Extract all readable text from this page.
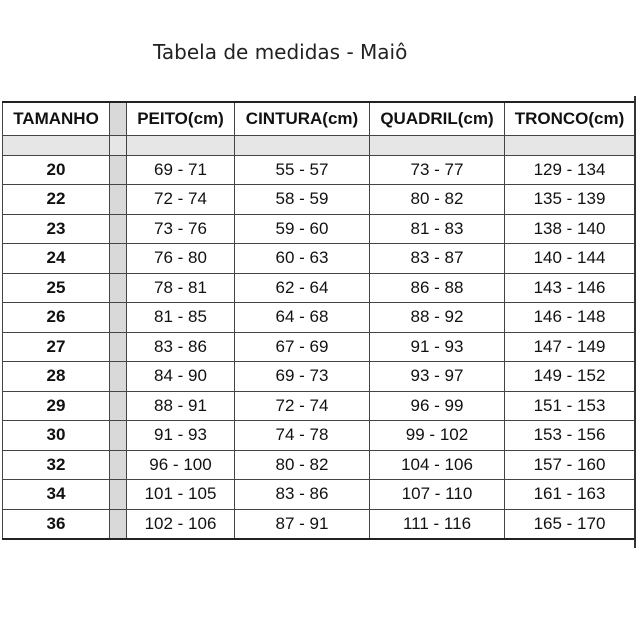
Tabela de medidas - Maiô
TAMANHO		PEITO(cm)	CINTURA(cm)	QUADRIL(cm)	TRONCO(cm)

20		69 - 71	55 - 57	73 - 77	129 - 134
22		72 - 74	58 - 59	80 - 82	135 - 139
23		73 - 76	59 - 60	81 - 83	138 - 140
24		76 - 80	60 - 63	83 - 87	140 - 144
25		78 - 81	62 - 64	86 - 88	143 - 146
26		81 - 85	64 - 68	88 - 92	146 - 148
27		83 - 86	67 - 69	91 - 93	147 - 149
28		84 - 90	69 - 73	93 - 97	149 - 152
29		88 - 91	72 - 74	96 - 99	151 - 153
30		91 - 93	74 - 78	99 - 102	153 - 156
32		96 - 100	80 - 82	104 - 106	157 - 160
34		101 - 105	83 - 86	107 - 110	161 - 163
36		102 - 106	87 - 91	111 - 116	165 - 170
